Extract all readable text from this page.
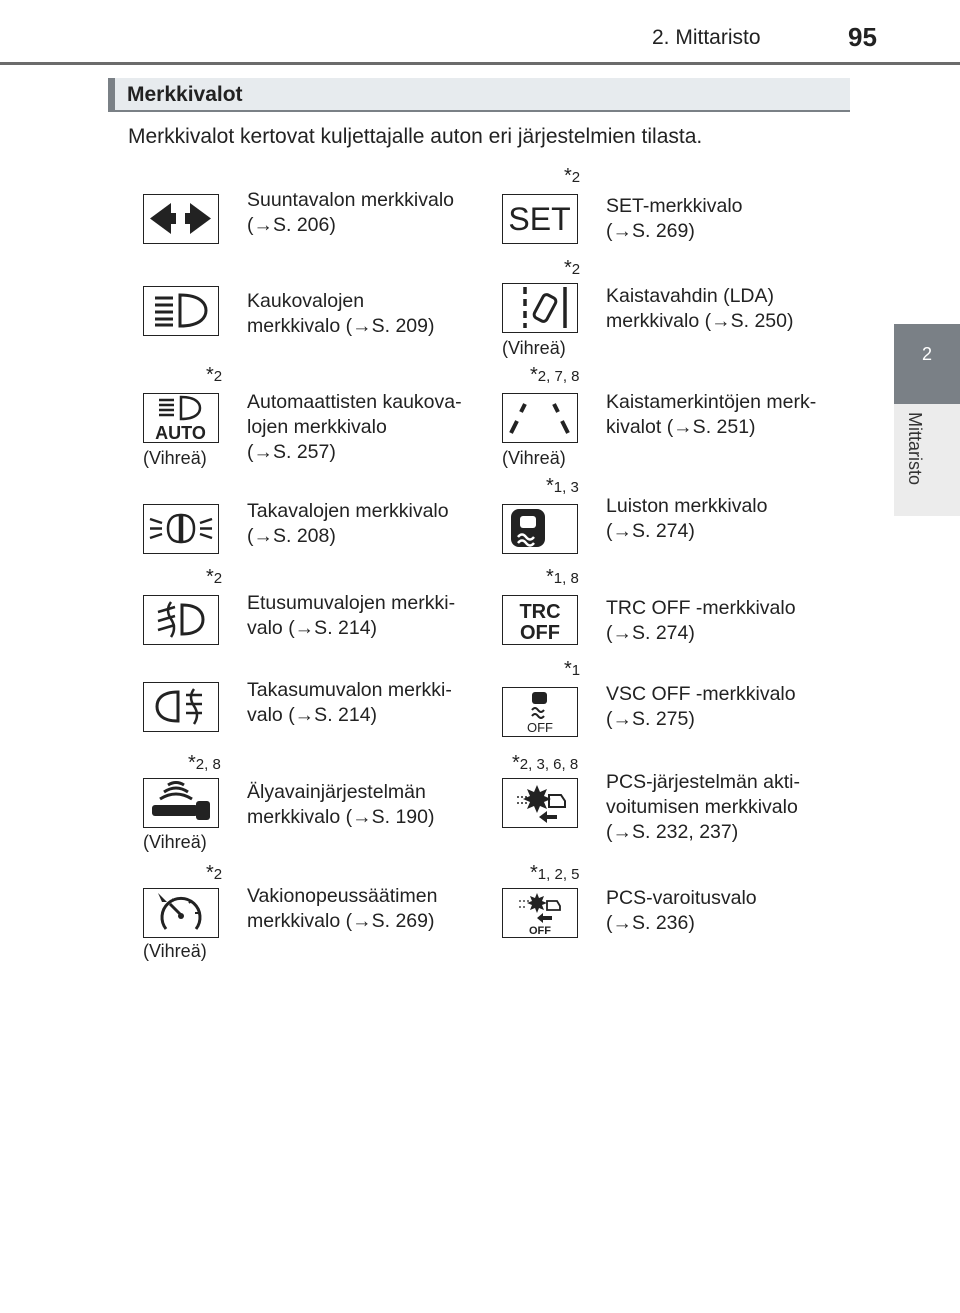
2. Mittaristo	95
2
Mittaristo
Merkkivalot
Merkkivalot kertovat kuljettajalle auton eri järjestelmien tilasta.
Suuntavalon merkkivalo
(→S. 206)
*2
SET SET-merkkivalo
(→S. 269)
Kaukovalojen
merkkivalo (→S. 209)
*2
(Vihreä)
Kaistavahdin (LDA)
merkkivalo (→S. 250)
*2
AUTO
(Vihreä)
Automaattisten kaukova-
lojen merkkivalo
(→S. 257)
*2, 7, 8
(Vihreä)
Kaistamerkintöjen merk-
kivalot (→S. 251)
Takavalojen merkkivalo
(→S. 208)
*1, 3
Luiston merkkivalo
(→S. 274)
*2
Etusumuvalojen merkki-
valo (→S. 214)
*1, 8
TRC
OFF
TRC OFF -merkkivalo
(→S. 274)
Takasumuvalon merkki-
valo (→S. 214)
*1
OFF
VSC OFF -merkkivalo
(→S. 275)
*2, 8
(Vihreä)
Älyavainjärjestelmän
merkkivalo (→S. 190)
*2, 3, 6, 8
PCS-järjestelmän akti-
voitumisen merkkivalo
(→S. 232, 237)
*2
(Vihreä)
Vakionopeussäätimen
merkkivalo (→S. 269)
*1, 2, 5
OFF
PCS-varoitusvalo
(→S. 236)
